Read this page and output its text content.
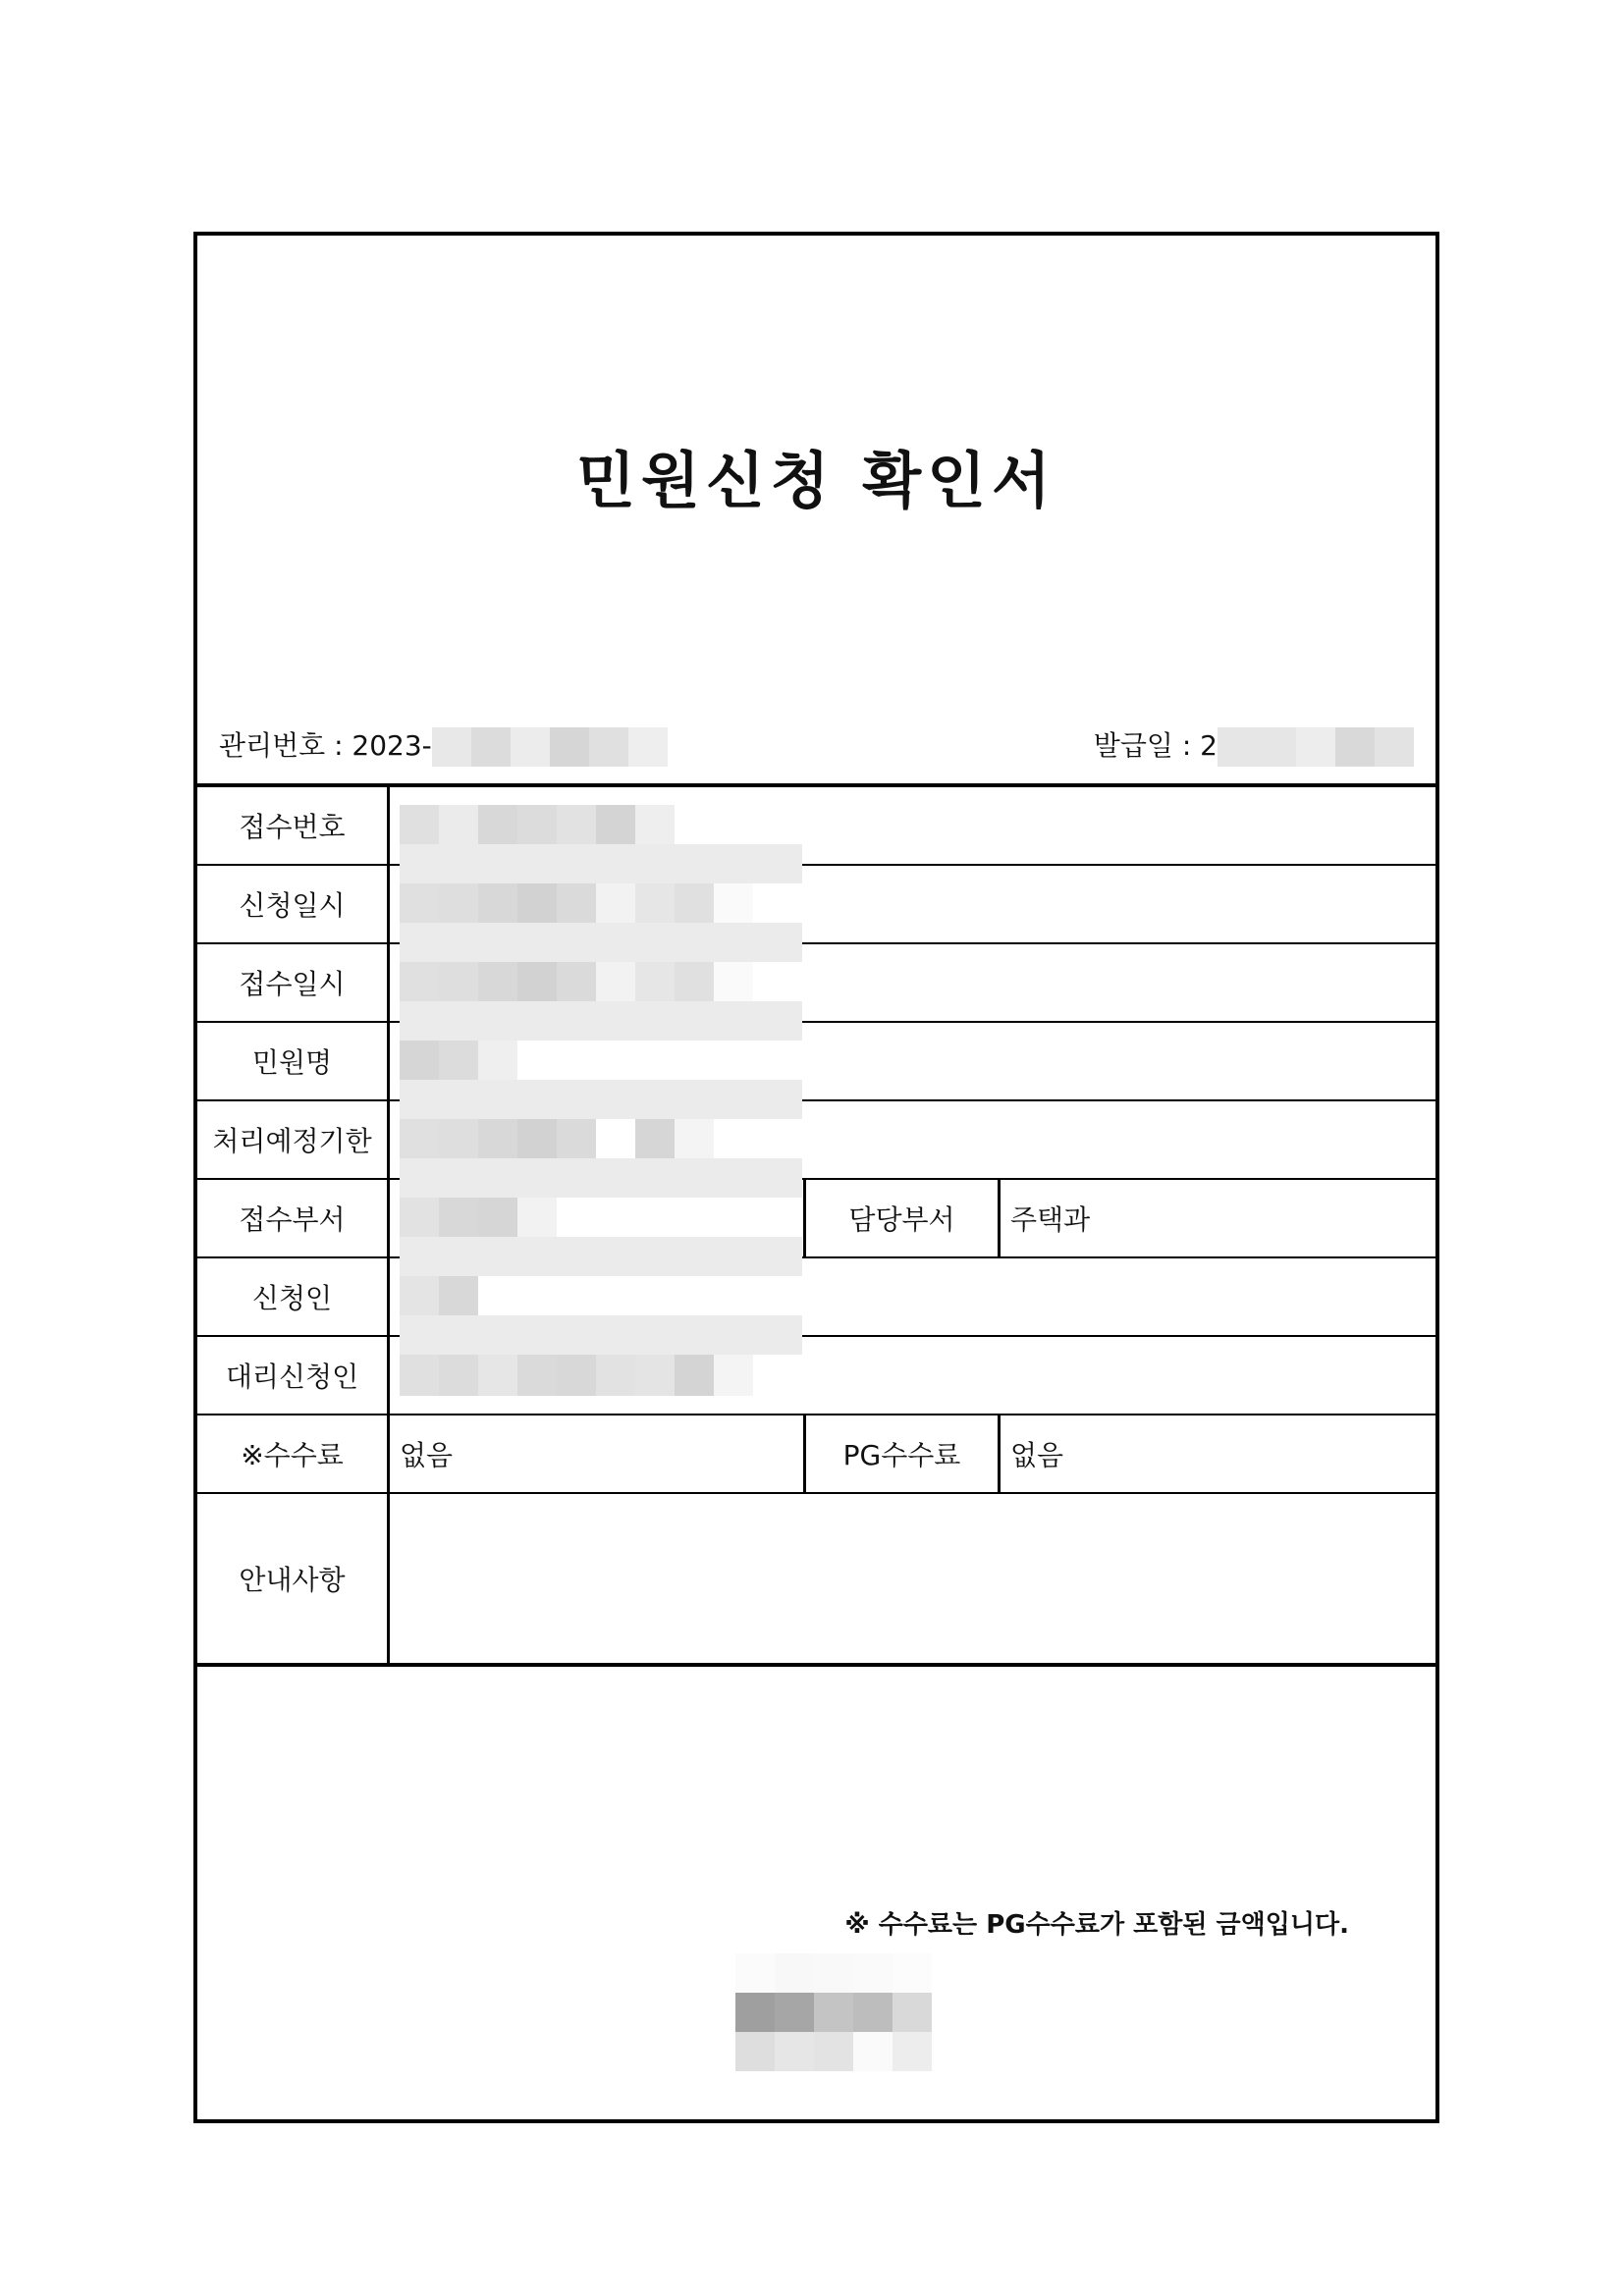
민원신청 확인서
관리번호 : 2023-	발급일 : 2
접수번호
신청일시
접수일시
민원명
처리예정기한
접수부서	담당부서	주택과
신청인
대리신청인
※수수료	없음	PG수수료	없음
안내사항
※ 수수료는 PG수수료가 포함된 금액입니다.
